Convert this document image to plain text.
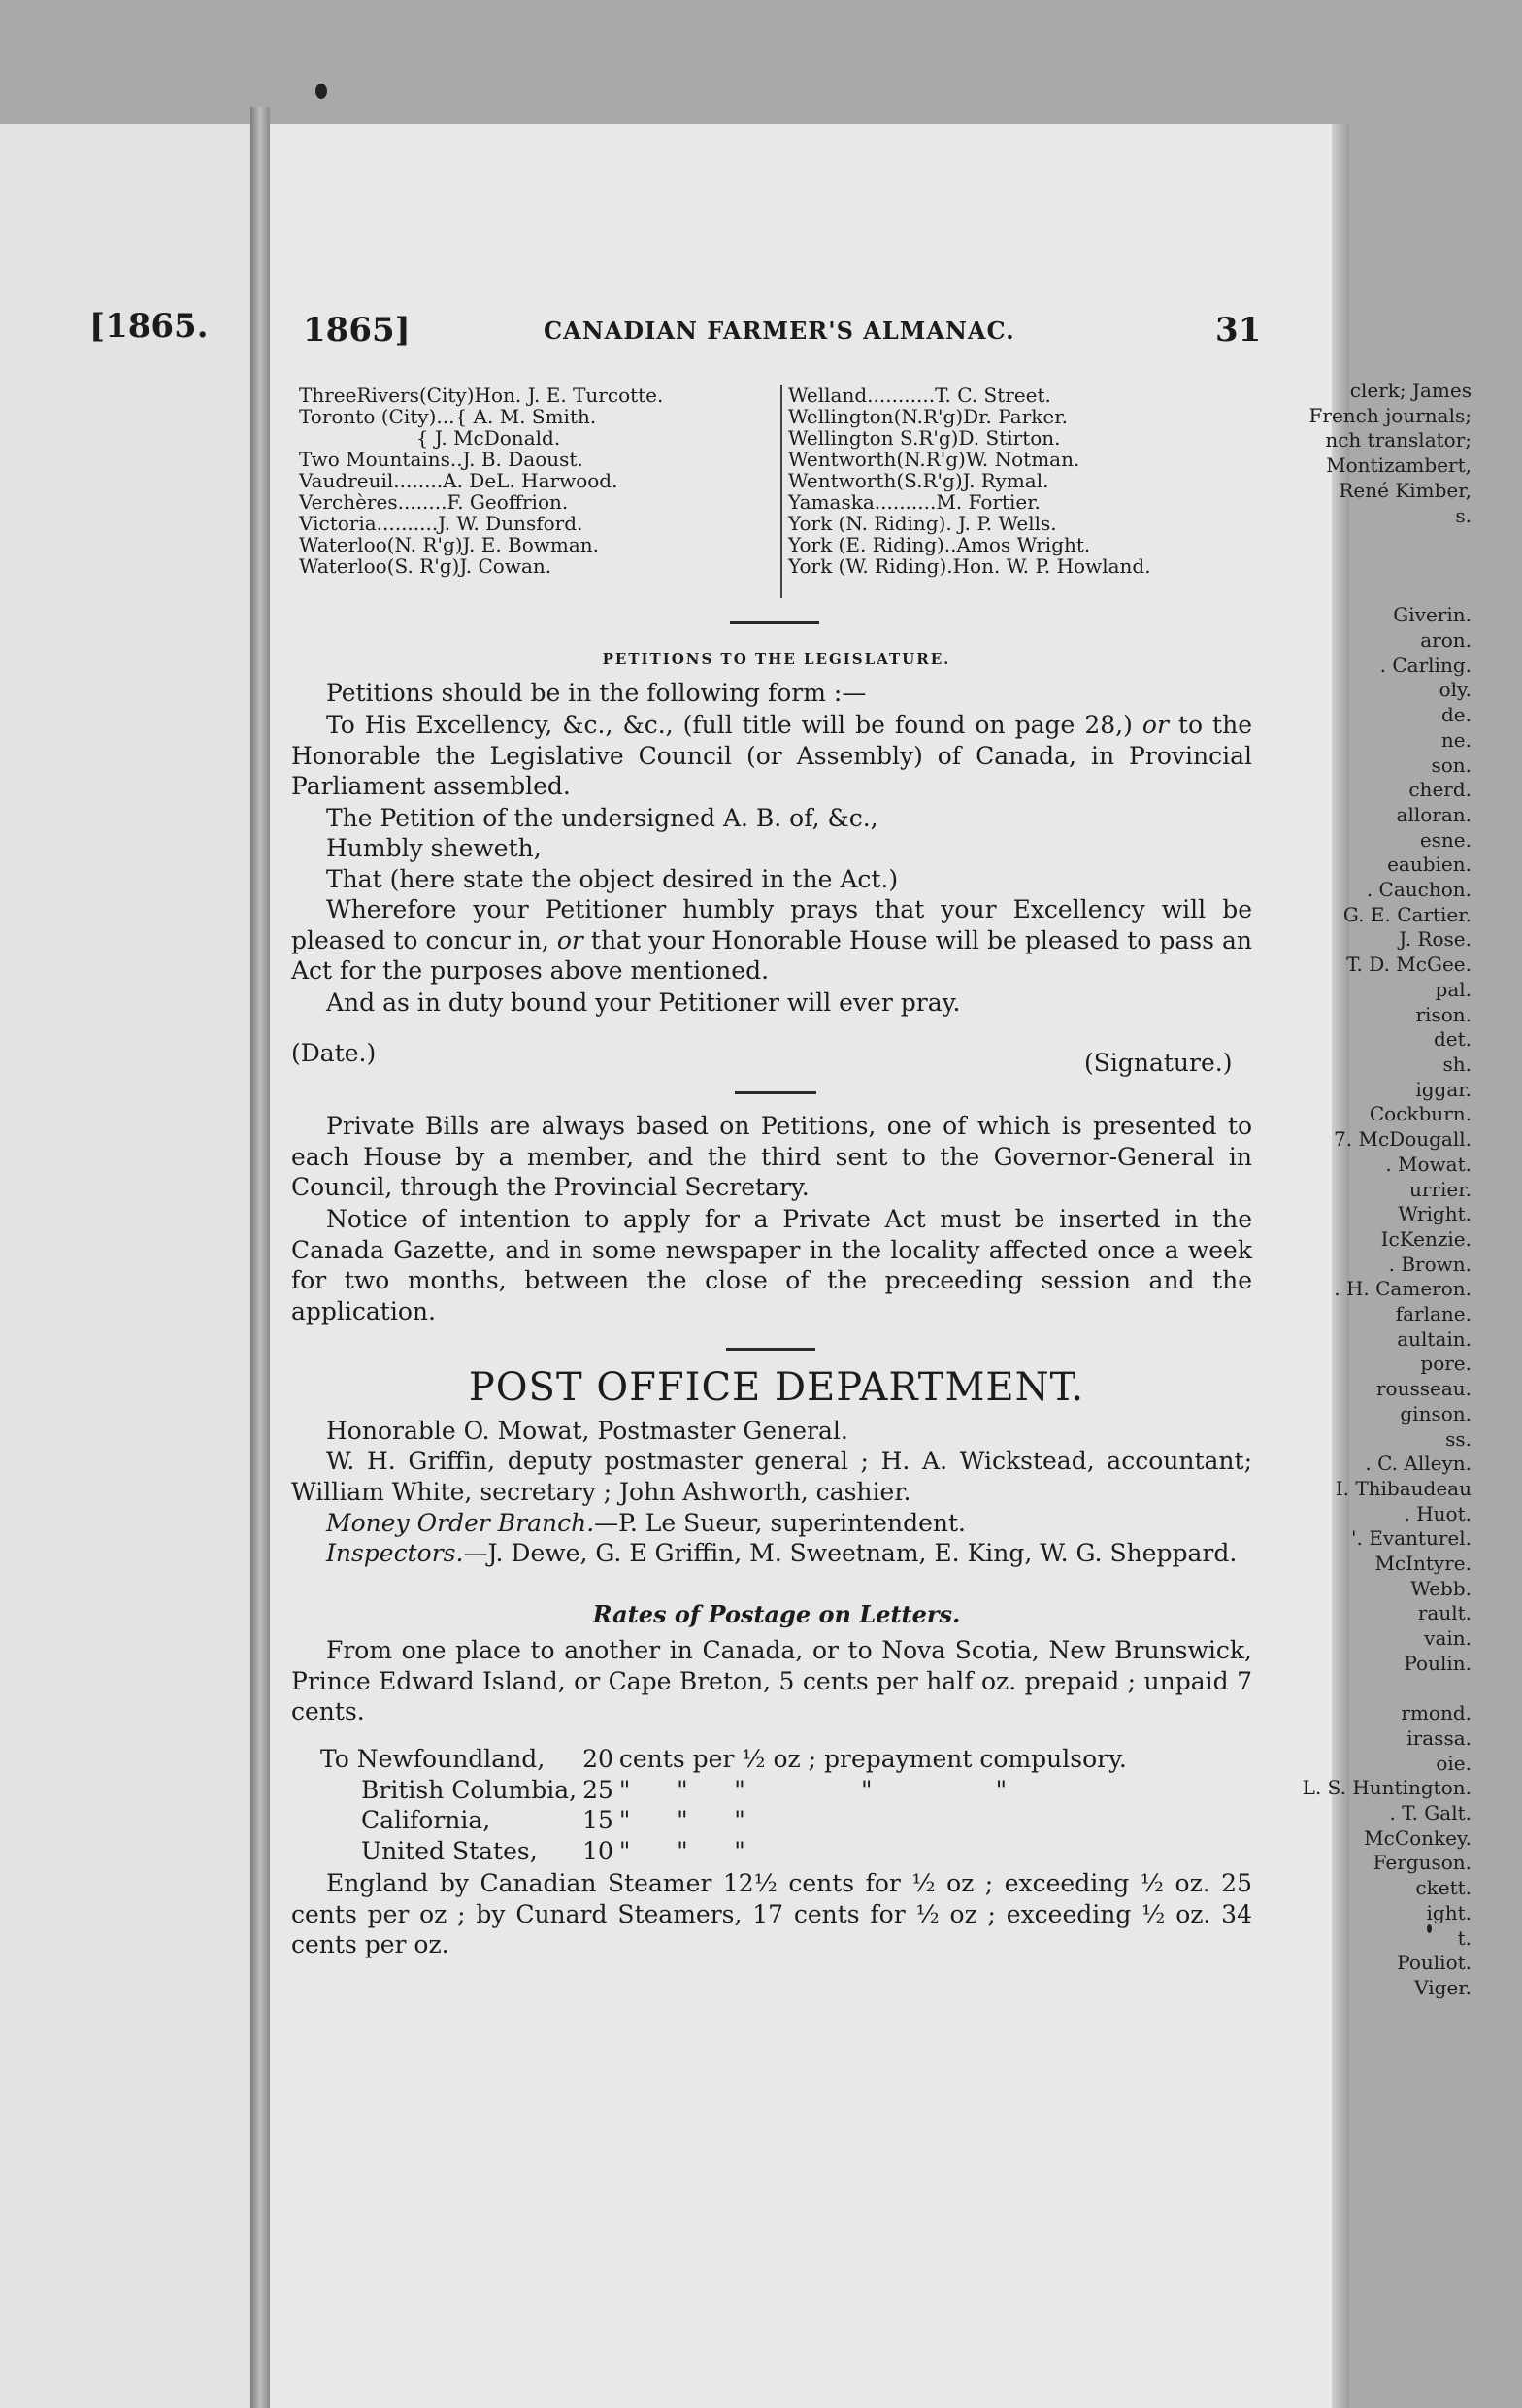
[1865.
clerk; James
French journals;
nch translator;
Montizambert,
René Kimber,
s.

Giverin.
aron.
. Carling.
oly.
de.
ne.
son.
cherd.
alloran.
esne.
eaubien.
. Cauchon.
G. E. Cartier.
J. Rose.
T. D. McGee.
pal.
rison.
det.
sh.
iggar.
Cockburn.
7. McDougall.
. Mowat.
urrier.
Wright.
IcKenzie.
. Brown.
. H. Cameron.
farlane.
aultain.
pore.
rousseau.
ginson.
ss.
. C. Alleyn.
I. Thibaudeau
. Huot.
'. Evanturel.
McIntyre.
Webb.
rault.
vain.
Poulin.

rmond.
irassa.
oie.
L. S. Huntington.
. T. Galt.
McConkey.
Ferguson.
ckett.
ight.
t.
Pouliot.
Viger.
1865]	CANADIAN FARMER'S ALMANAC.	31
ThreeRivers(City)Hon. J. E. Turcotte.
Toronto (City)...{ A. M. Smith.
{ J. McDonald.
Two Mountains..J. B. Daoust.
Vaudreuil........A. DeL. Harwood.
Verchères........F. Geoffrion.
Victoria..........J. W. Dunsford.
Waterloo(N. R'g)J. E. Bowman.
Waterloo(S. R'g)J. Cowan.
Welland...........T. C. Street.
Wellington(N.R'g)Dr. Parker.
Wellington S.R'g)D. Stirton.
Wentworth(N.R'g)W. Notman.
Wentworth(S.R'g)J. Rymal.
Yamaska..........M. Fortier.
York (N. Riding). J. P. Wells.
York (E. Riding)..Amos Wright.
York (W. Riding).Hon. W. P. Howland.
PETITIONS TO THE LEGISLATURE.

Petitions should be in the following form :—

To His Excellency, &c., &c., (full title will be found on page 28,) or to the Honorable the Legislative Council (or Assembly) of Canada, in Provincial Parliament assembled.

The Petition of the undersigned A. B. of, &c.,

Humbly sheweth,

That (here state the object desired in the Act.)

Wherefore your Petitioner humbly prays that your Excellency will be pleased to concur in, or that your Honorable House will be pleased to pass an Act for the purposes above mentioned.

And as in duty bound your Petitioner will ever pray.

(Date.)	(Signature.)

Private Bills are always based on Petitions, one of which is presented to each House by a member, and the third sent to the Governor-General in Council, through the Provincial Secretary.

Notice of intention to apply for a Private Act must be inserted in the Canada Gazette, and in some newspaper in the locality affected once a week for two months, between the close of the preceeding session and the application.

POST OFFICE DEPARTMENT.

Honorable O. Mowat, Postmaster General.

W. H. Griffin, deputy postmaster general ; H. A. Wickstead, accountant; William White, secretary ; John Ashworth, cashier.

Money Order Branch.—P. Le Sueur, superintendent.

Inspectors.—J. Dewe, G. E Griffin, M. Sweetnam, E. King, W. G. Sheppard.

Rates of Postage on Letters.

From one place to another in Canada, or to Nova Scotia, New Brunswick, Prince Edward Island, or Cape Breton, 5 cents per half oz. prepaid ; unpaid 7 cents.

To Newfoundland,	20	cents per ½ oz ; prepayment compulsory.
British Columbia,	25	"      "      "               "                "
California,	15	"      "      "
United States,	10	"      "      "

England by Canadian Steamer 12½ cents for ½ oz ; exceeding ½ oz. 25 cents per oz ; by Cunard Steamers, 17 cents for ½ oz ; exceeding ½ oz. 34 cents per oz.
